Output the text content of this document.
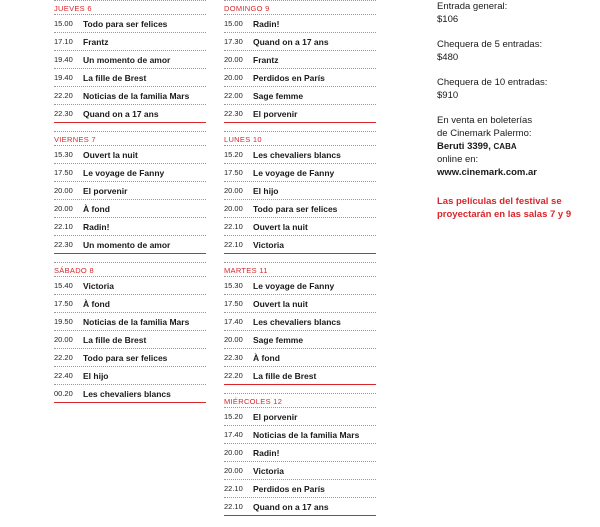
JUEVES 6
15.00	Todo para ser felices
17.10	Frantz
19.40	Un momento de amor
19.40	La fille de Brest
22.20	Noticias de la familia Mars
22.30	Quand on a 17 ans
VIERNES 7
15.30	Ouvert la nuit
17.50	Le voyage de Fanny
20.00	El porvenir
20.00	À fond
22.10	Radin!
22.30	Un momento de amor
SÁBADO 8
15.40	Victoria
17.50	À fond
19.50	Noticias de la familia Mars
20.00	La fille de Brest
22.20	Todo para ser felices
22.40	El hijo
00.20	Les chevaliers blancs
DOMINGO 9
15.00	Radin!
17.30	Quand on a 17 ans
20.00	Frantz
20.00	Perdidos en París
22.00	Sage femme
22.30	El porvenir
LUNES 10
15.20	Les chevaliers blancs
17.50	Le voyage de Fanny
20.00	El hijo
20.00	Todo para ser felices
22.10	Ouvert la nuit
22.10	Victoria
MARTES 11
15.30	Le voyage de Fanny
17.50	Ouvert la nuit
17.40	Les chevaliers blancs
20.00	Sage femme
22.30	À fond
22.20	La fille de Brest
MIÉRCOLES 12
15.20	El porvenir
17.40	Noticias de la familia Mars
20.00	Radin!
20.00	Victoria
22.10	Perdidos en París
22.10	Quand on a 17 ans

Entrada general:
$106

Chequera de 5 entradas:
$480

Chequera de 10 entradas:
$910

En venta en boleterías
de Cinemark Palermo:
Beruti 3399, CABA
online en:
www.cinemark.com.ar

Las películas del festival se proyectarán en las salas 7 y 9
